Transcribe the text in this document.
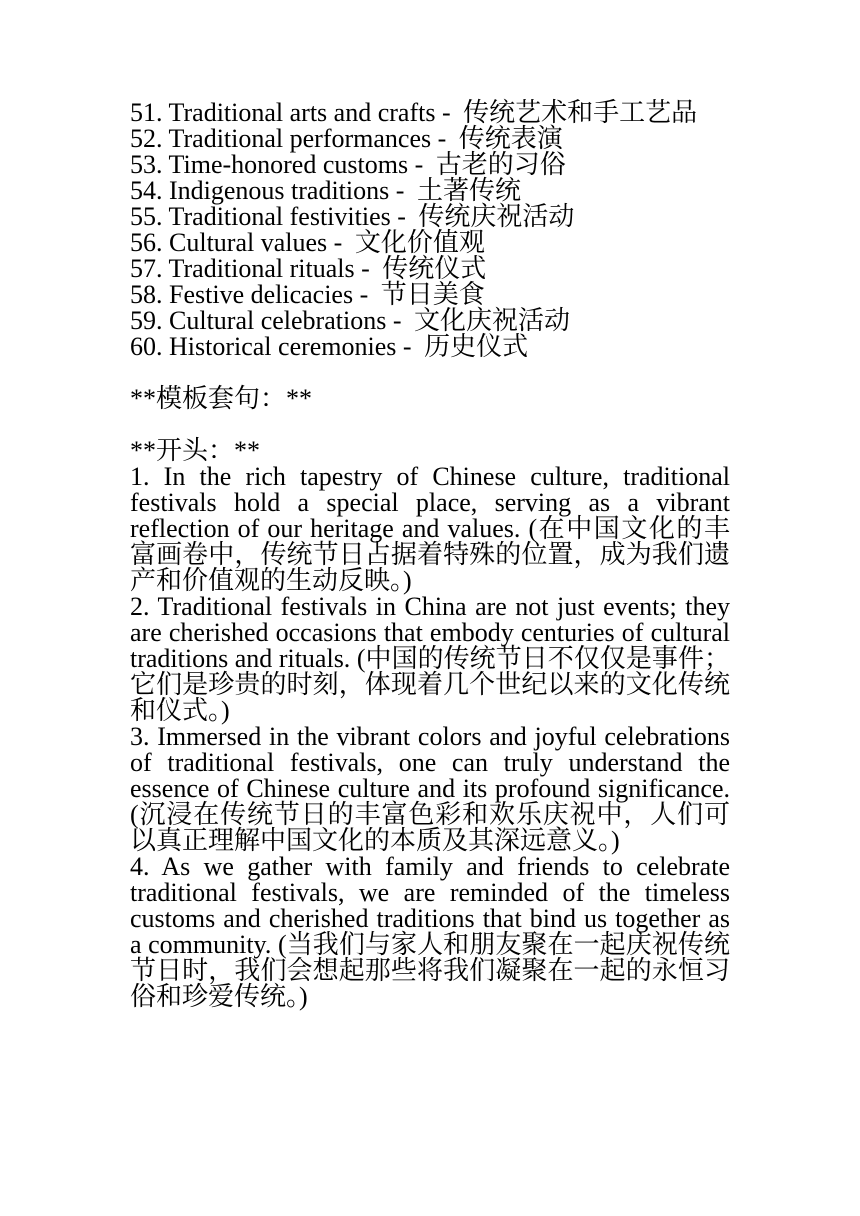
51. Traditional arts and crafts - 传统艺术和手工艺品
52. Traditional performances - 传统表演
53. Time-honored customs - 古老的习俗
54. Indigenous traditions - 土著传统
55. Traditional festivities - 传统庆祝活动
56. Cultural values - 文化价值观
57. Traditional rituals - 传统仪式
58. Festive delicacies - 节日美食
59. Cultural celebrations - 文化庆祝活动
60. Historical ceremonies - 历史仪式
**模板套句：**
**开头：**
1. In the rich tapestry of Chinese culture, traditional festivals hold a special place, serving as a vibrant reflection of our heritage and values. (在中国文化的丰富画卷中，传统节日占据着特殊的位置，成为我们遗产和价值观的生动反映。)
2. Traditional festivals in China are not just events; they are cherished occasions that embody centuries of cultural traditions and rituals. (中国的传统节日不仅仅是事件；它们是珍贵的时刻，体现着几个世纪以来的文化传统和仪式。)
3. Immersed in the vibrant colors and joyful celebrations of traditional festivals, one can truly understand the essence of Chinese culture and its profound significance. (沉浸在传统节日的丰富色彩和欢乐庆祝中，人们可以真正理解中国文化的本质及其深远意义。)
4. As we gather with family and friends to celebrate traditional festivals, we are reminded of the timeless customs and cherished traditions that bind us together as a community. (当我们与家人和朋友聚在一起庆祝传统节日时，我们会想起那些将我们凝聚在一起的永恒习俗和珍爱传统。)
